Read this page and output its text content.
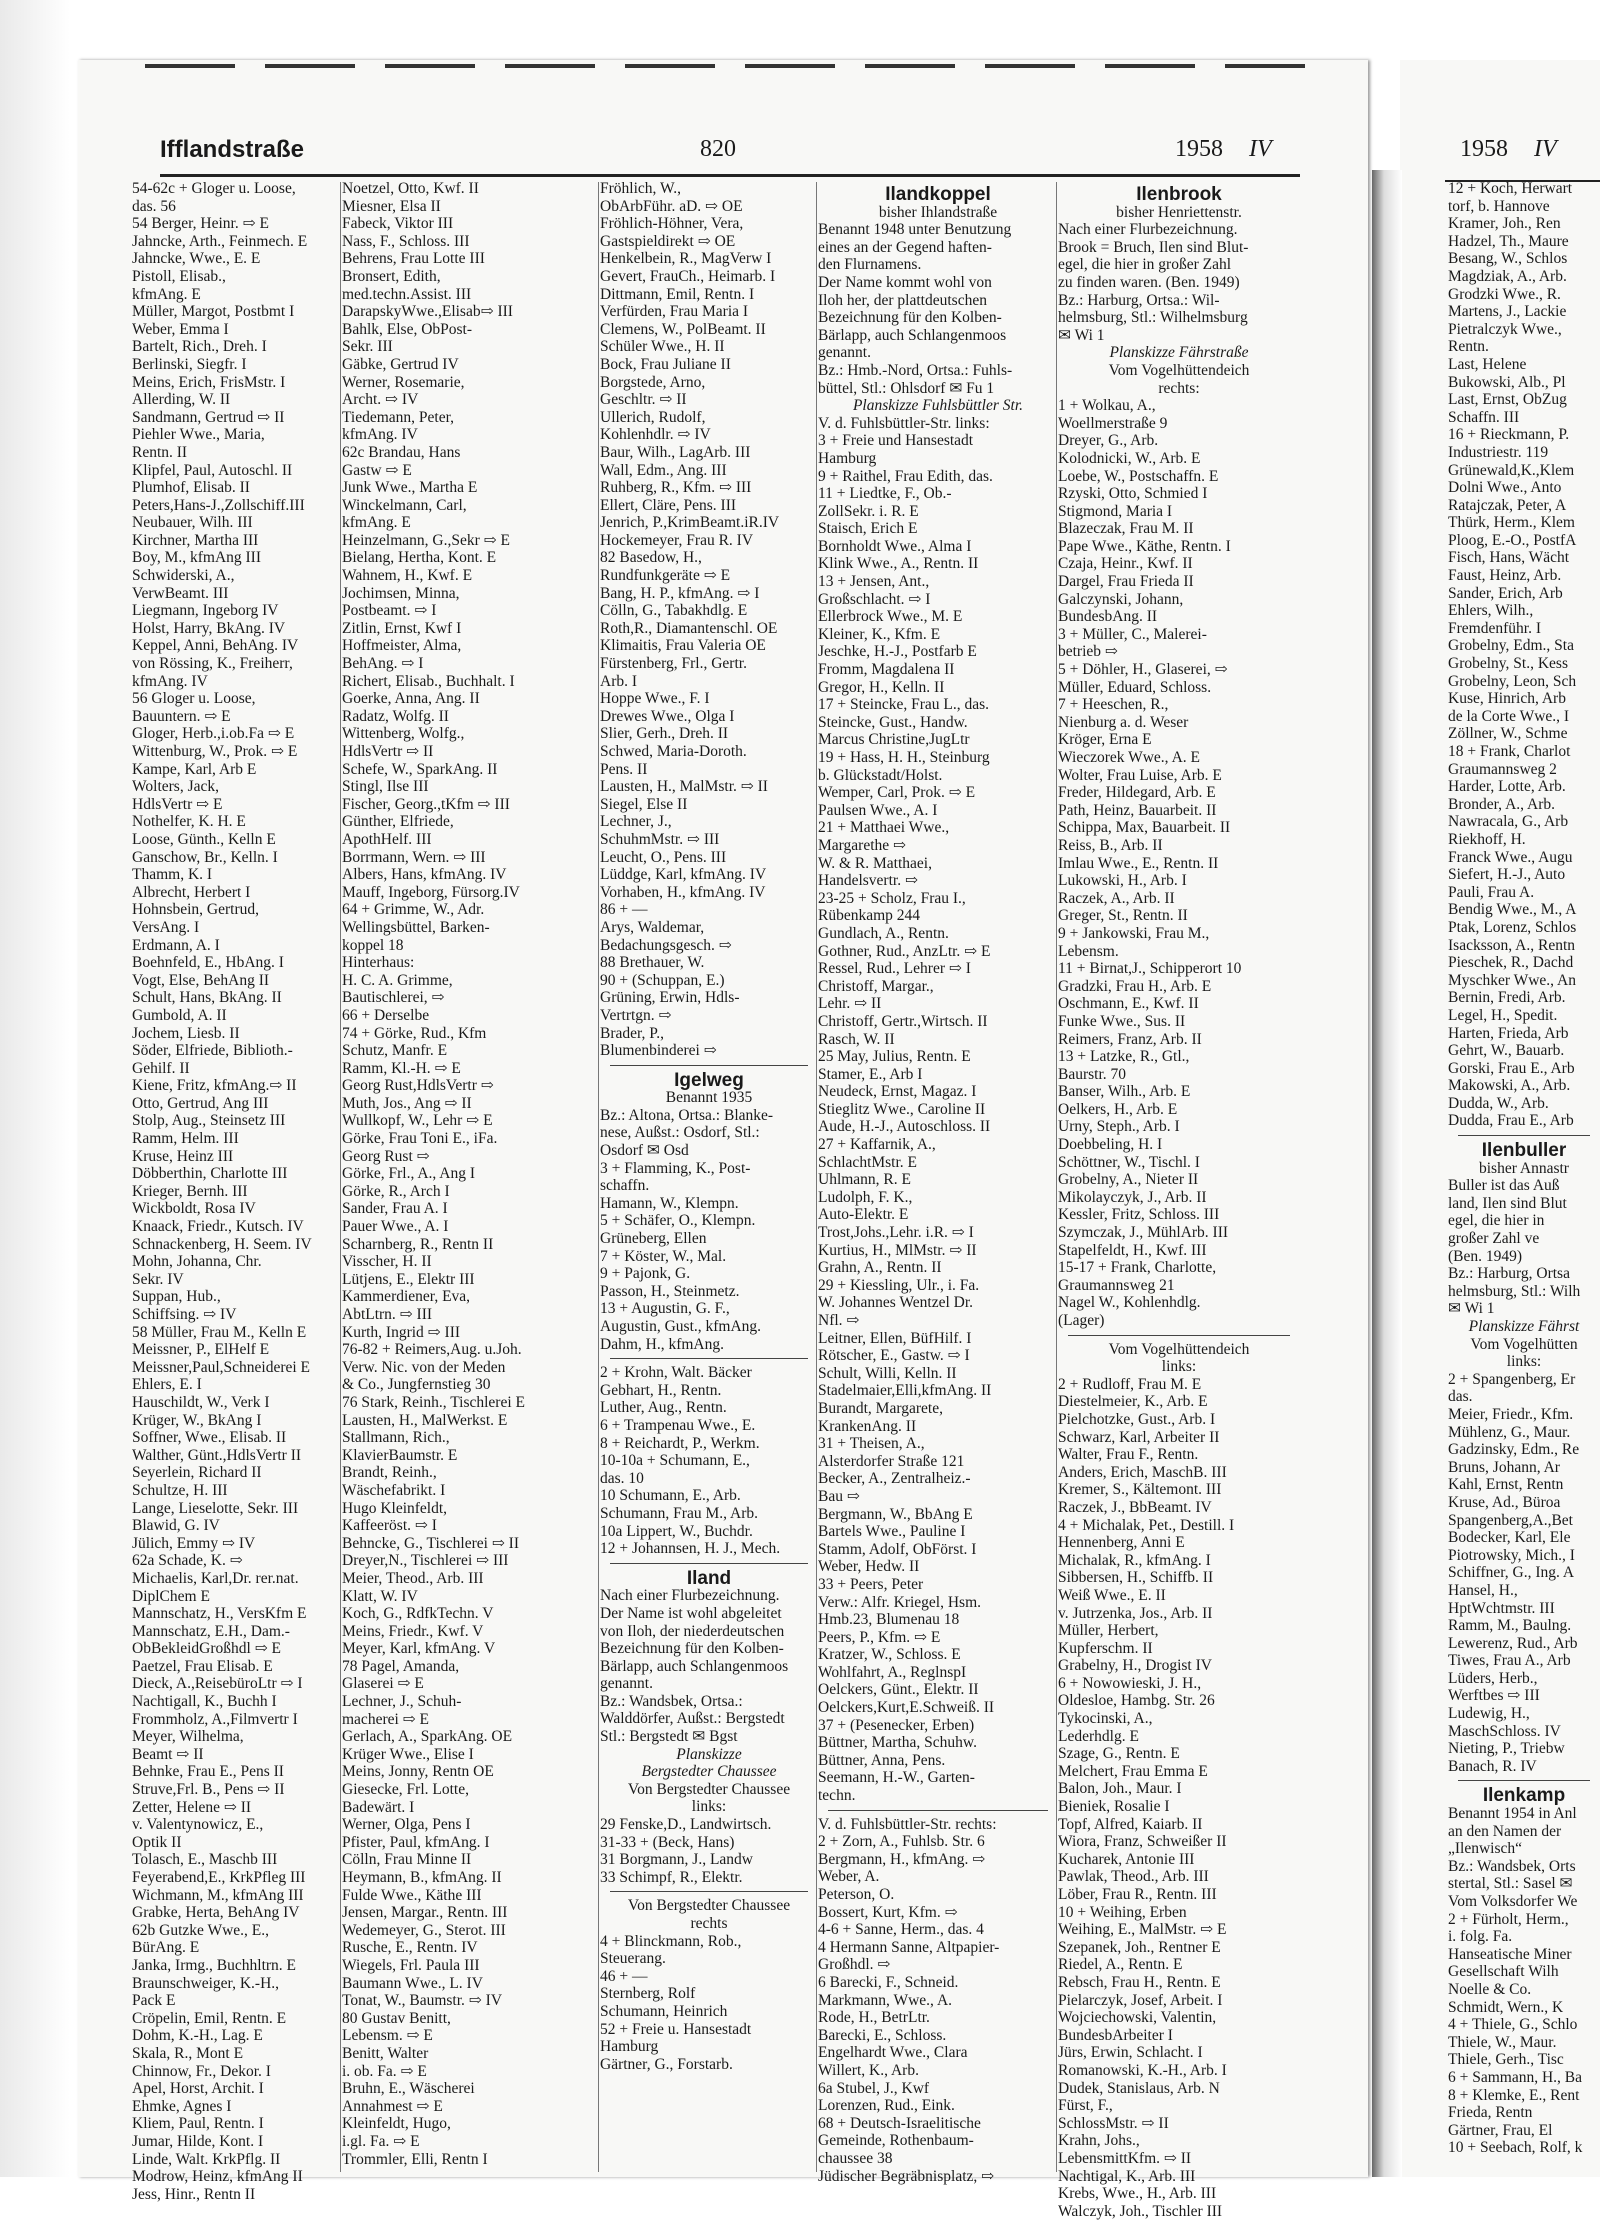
Ifflandstraße	820	1958 IV	1958 IV

54-62c + Gloger u. Loose,

das. 56

54 Berger, Heinr. ⇨ E

Jahncke, Arth., Feinmech. E

Jahncke, Wwe., E. E

Pistoll, Elisab.,

kfmAng. E

Müller, Margot, Postbmt I

Weber, Emma I

Bartelt, Rich., Dreh. I

Berlinski, Siegfr. I

Meins, Erich, FrisMstr. I

Allerding, W. II

Sandmann, Gertrud ⇨ II

Piehler Wwe., Maria,

Rentn. II

Klipfel, Paul, Autoschl. II

Plumhof, Elisab. II

Peters,Hans-J.,Zollschiff.III

Neubauer, Wilh. III

Kirchner, Martha III

Boy, M., kfmAng III

Schwiderski, A.,

VerwBeamt. III

Liegmann, Ingeborg IV

Holst, Harry, BkAng. IV

Keppel, Anni, BehAng. IV

von Rössing, K., Freiherr,

kfmAng. IV

56 Gloger u. Loose,

Bauuntern. ⇨ E

Gloger, Herb.,i.ob.Fa ⇨ E

Wittenburg, W., Prok. ⇨ E

Kampe, Karl, Arb E

Wolters, Jack,

HdlsVertr ⇨ E

Nothelfer, K. H. E

Loose, Günth., Kelln E

Ganschow, Br., Kelln. I

Thamm, K. I

Albrecht, Herbert I

Hohnsbein, Gertrud,

VersAng. I

Erdmann, A. I

Boehnfeld, E., HbAng. I

Vogt, Else, BehAng II

Schult, Hans, BkAng. II

Gumbold, A. II

Jochem, Liesb. II

Söder, Elfriede, Biblioth.-

Gehilf. II

Kiene, Fritz, kfmAng.⇨ II

Otto, Gertrud, Ang III

Stolp, Aug., Steinsetz III

Ramm, Helm. III

Kruse, Heinz III

Döbberthin, Charlotte III

Krieger, Bernh. III

Wickboldt, Rosa IV

Knaack, Friedr., Kutsch. IV

Schnackenberg, H. Seem. IV

Mohn, Johanna, Chr.

Sekr. IV

Suppan, Hub.,

Schiffsing. ⇨ IV

58 Müller, Frau M., Kelln E

Meissner, P., ElHelf E

Meissner,Paul,Schneiderei E

Ehlers, E. I

Hauschildt, W., Verk I

Krüger, W., BkAng I

Soffner, Wwe., Elisab. II

Walther, Günt.,HdlsVertr II

Seyerlein, Richard II

Schultze, H. III

Lange, Lieselotte, Sekr. III

Blawid, G. IV

Jülich, Emmy ⇨ IV

62a Schade, K. ⇨

Michaelis, Karl,Dr. rer.nat.

DiplChem E

Mannschatz, H., VersKfm E

Mannschatz, E.H., Dam.-

ObBekleidGroßhdl ⇨ E

Paetzel, Frau Elisab. E

Dieck, A.,ReisebüroLtr ⇨ I

Nachtigall, K., Buchh I

Frommholz, A.,Filmvertr I

Meyer, Wilhelma,

Beamt ⇨ II

Behnke, Frau E., Pens II

Struve,Frl. B., Pens ⇨ II

Zetter, Helene ⇨ II

v. Valentynowicz, E.,

Optik II

Tolasch, E., Maschb III

Feyerabend,E., KrkPfleg III

Wichmann, M., kfmAng III

Grabke, Herta, BehAng IV

62b Gutzke Wwe., E.,

BürAng. E

Janka, Irmg., Buchhltrn. E

Braunschweiger, K.-H.,

Pack E

Cröpelin, Emil, Rentn. E

Dohm, K.-H., Lag. E

Skala, R., Mont E

Chinnow, Fr., Dekor. I

Apel, Horst, Archit. I

Ehmke, Agnes I

Kliem, Paul, Rentn. I

Jumar, Hilde, Kont. I

Linde, Walt. KrkPflg. II

Modrow, Heinz, kfmAng II

Jess, Hinr., Rentn II

Noetzel, Otto, Kwf. II

Miesner, Elsa II

Fabeck, Viktor III

Nass, F., Schloss. III

Behrens, Frau Lotte III

Bronsert, Edith,

med.techn.Assist. III

DarapskyWwe.,Elisab⇨ III

Bahlk, Else, ObPost-

Sekr. III

Gäbke, Gertrud IV

Werner, Rosemarie,

Archt. ⇨ IV

Tiedemann, Peter,

kfmAng. IV

62c Brandau, Hans

Gastw ⇨ E

Junk Wwe., Martha E

Winckelmann, Carl,

kfmAng. E

Heinzelmann, G.,Sekr ⇨ E

Bielang, Hertha, Kont. E

Wahnem, H., Kwf. E

Jochimsen, Minna,

Postbeamt. ⇨ I

Zitlin, Ernst, Kwf I

Hoffmeister, Alma,

BehAng. ⇨ I

Richert, Elisab., Buchhalt. I

Goerke, Anna, Ang. II

Radatz, Wolfg. II

Wittenberg, Wolfg.,

HdlsVertr ⇨ II

Schefe, W., SparkAng. II

Stingl, Ilse III

Fischer, Georg.,tKfm ⇨ III

Günther, Elfriede,

ApothHelf. III

Borrmann, Wern. ⇨ III

Albers, Hans, kfmAng. IV

Mauff, Ingeborg, Fürsorg.IV

64 + Grimme, W., Adr.

Wellingsbüttel, Barken-

koppel 18

Hinterhaus:

H. C. A. Grimme,

Bautischlerei, ⇨

66 + Derselbe

74 + Görke, Rud., Kfm

Schutz, Manfr. E

Ramm, Kl.-H. ⇨ E

Georg Rust,HdlsVertr ⇨

Muth, Jos., Ang ⇨ II

Wullkopf, W., Lehr ⇨ E

Görke, Frau Toni E., iFa.

Georg Rust ⇨

Görke, Frl., A., Ang I

Görke, R., Arch I

Sander, Frau A. I

Pauer Wwe., A. I

Scharnberg, R., Rentn II

Visscher, H. II

Lütjens, E., Elektr III

Kammerdiener, Eva,

AbtLtrn. ⇨ III

Kurth, Ingrid ⇨ III

76-82 + Reimers,Aug. u.Joh.

Verw. Nic. von der Meden

& Co., Jungfernstieg 30

76 Stark, Reinh., Tischlerei E

Lausten, H., MalWerkst. E

Stallmann, Rich.,

KlavierBaumstr. E

Brandt, Reinh.,

Wäschefabrikt. I

Hugo Kleinfeldt,

Kaffeeröst. ⇨ I

Behncke, G., Tischlerei ⇨ II

Dreyer,N., Tischlerei ⇨ III

Meier, Theod., Arb. III

Klatt, W. IV

Koch, G., RdfkTechn. V

Meins, Friedr., Kwf. V

Meyer, Karl, kfmAng. V

78 Pagel, Amanda,

Glaserei ⇨ E

Lechner, J., Schuh-

macherei ⇨ E

Gerlach, A., SparkAng. OE

Krüger Wwe., Elise I

Meins, Jonny, Rentn OE

Giesecke, Frl. Lotte,

Badewärt. I

Werner, Olga, Pens I

Pfister, Paul, kfmAng. I

Cölln, Frau Minne II

Heymann, B., kfmAng. II

Fulde Wwe., Käthe III

Jensen, Margar., Rentn. III

Wedemeyer, G., Sterot. III

Rusche, E., Rentn. IV

Wiegels, Frl. Paula III

Baumann Wwe., L. IV

Tonat, W., Baumstr. ⇨ IV

80 Gustav Benitt,

Lebensm. ⇨ E

Benitt, Walter

i. ob. Fa. ⇨ E

Bruhn, E., Wäscherei

Annahmest ⇨ E

Kleinfeldt, Hugo,

i.gl. Fa. ⇨ E

Trommler, Elli, Rentn I

Fröhlich, W.,

ObArbFühr. aD. ⇨ OE

Fröhlich-Höhner, Vera,

Gastspieldirekt ⇨ OE

Henkelbein, R., MagVerw I

Gevert, FrauCh., Heimarb. I

Dittmann, Emil, Rentn. I

Verfürden, Frau Maria I

Clemens, W., PolBeamt. II

Schüler Wwe., H. II

Bock, Frau Juliane II

Borgstede, Arno,

Geschltr. ⇨ II

Ullerich, Rudolf,

Kohlenhdlr. ⇨ IV

Baur, Wilh., LagArb. III

Wall, Edm., Ang. III

Ruhberg, R., Kfm. ⇨ III

Ellert, Cläre, Pens. III

Jenrich, P.,KrimBeamt.iR.IV

Hockemeyer, Frau R. IV

82 Basedow, H.,

Rundfunkgeräte ⇨ E

Bang, H. P., kfmAng. ⇨ I

Cölln, G., Tabakhdlg. E

Roth,R., Diamantenschl. OE

Klimaitis, Frau Valeria OE

Fürstenberg, Frl., Gertr.

Arb. I

Hoppe Wwe., F. I

Drewes Wwe., Olga I

Slier, Gerh., Dreh. II

Schwed, Maria-Doroth.

Pens. II

Lausten, H., MalMstr. ⇨ II

Siegel, Else II

Lechner, J.,

SchuhmMstr. ⇨ III

Leucht, O., Pens. III

Lüddge, Karl, kfmAng. IV

Vorhaben, H., kfmAng. IV

86 + —

Arys, Waldemar,

Bedachungsgesch. ⇨

88 Brethauer, W.

90 + (Schuppan, E.)

Grüning, Erwin, Hdls-

Vertrtgn. ⇨

Brader, P.,

Blumenbinderei ⇨

Igelweg

Benannt 1935

Bz.: Altona, Ortsa.: Blanke-

nese, Außst.: Osdorf, Stl.:

Osdorf ✉ Osd

3 + Flamming, K., Post-

schaffn.

Hamann, W., Klempn.

5 + Schäfer, O., Klempn.

Grüneberg, Ellen

7 + Köster, W., Mal.

9 + Pajonk, G.

Passon, H., Steinmetz.

13 + Augustin, G. F.,

Augustin, Gust., kfmAng.

Dahm, H., kfmAng.

2 + Krohn, Walt. Bäcker

Gebhart, H., Rentn.

Luther, Aug., Rentn.

6 + Trampenau Wwe., E.

8 + Reichardt, P., Werkm.

10-10a + Schumann, E.,

das. 10

10 Schumann, E., Arb.

Schumann, Frau M., Arb.

10a Lippert, W., Buchdr.

12 + Johannsen, H. J., Mech.

Iland

Nach einer Flurbezeichnung.

Der Name ist wohl abgeleitet

von Iloh, der niederdeutschen

Bezeichnung für den Kolben-

Bärlapp, auch Schlangenmoos

genannt.

Bz.: Wandsbek, Ortsa.:

Walddörfer, Außst.: Bergstedt

Stl.: Bergstedt ✉ Bgst

Planskizze

Bergstedter Chaussee

Von Bergstedter Chaussee

links:

29 Fenske,D., Landwirtsch.

31-33 + (Beck, Hans)

31 Borgmann, J., Landw

33 Schimpf, R., Elektr.

Von Bergstedter Chaussee

rechts

4 + Blinckmann, Rob.,

Steuerang.

46 + —

Sternberg, Rolf

Schumann, Heinrich

52 + Freie u. Hansestadt

Hamburg

Gärtner, G., Forstarb.

Ilandkoppel

bisher Ihlandstraße

Benannt 1948 unter Benutzung

eines an der Gegend haften-

den Flurnamens.

Der Name kommt wohl von

Iloh her, der plattdeutschen

Bezeichnung für den Kolben-

Bärlapp, auch Schlangenmoos

genannt.

Bz.: Hmb.-Nord, Ortsa.: Fuhls-

büttel, Stl.: Ohlsdorf ✉ Fu 1

Planskizze Fuhlsbüttler Str.

V. d. Fuhlsbüttler-Str. links:

3 + Freie und Hansestadt

Hamburg

9 + Raithel, Frau Edith, das.

11 + Liedtke, F., Ob.-

ZollSekr. i. R. E

Staisch, Erich E

Bornholdt Wwe., Alma I

Klink Wwe., A., Rentn. II

13 + Jensen, Ant.,

Großschlacht. ⇨ I

Ellerbrock Wwe., M. E

Kleiner, K., Kfm. E

Jeschke, H.-J., Postfarb E

Fromm, Magdalena II

Gregor, H., Kelln. II

17 + Steincke, Frau L., das.

Steincke, Gust., Handw.

Marcus Christine,JugLtr

19 + Hass, H. H., Steinburg

b. Glückstadt/Holst.

Wemper, Carl, Prok. ⇨ E

Paulsen Wwe., A. I

21 + Matthaei Wwe.,

Margarethe ⇨

W. & R. Matthaei,

Handelsvertr. ⇨

23-25 + Scholz, Frau I.,

Rübenkamp 244

Gundlach, A., Rentn.

Gothner, Rud., AnzLtr. ⇨ E

Ressel, Rud., Lehrer ⇨ I

Christoff, Margar.,

Lehr. ⇨ II

Christoff, Gertr.,Wirtsch. II

Rasch, W. II

25 May, Julius, Rentn. E

Stamer, E., Arb I

Neudeck, Ernst, Magaz. I

Stieglitz Wwe., Caroline II

Aude, H.-J., Autoschloss. II

27 + Kaffarnik, A.,

SchlachtMstr. E

Uhlmann, R. E

Ludolph, F. K.,

Auto-Elektr. E

Trost,Johs.,Lehr. i.R. ⇨ I

Kurtius, H., MlMstr. ⇨ II

Grahn, A., Rentn. II

29 + Kiessling, Ulr., i. Fa.

W. Johannes Wentzel Dr.

Nfl. ⇨

Leitner, Ellen, BüfHilf. I

Rötscher, E., Gastw. ⇨ I

Schult, Willi, Kelln. II

Stadelmaier,Elli,kfmAng. II

Burandt, Margarete,

KrankenAng. II

31 + Theisen, A.,

Alsterdorfer Straße 121

Becker, A., Zentralheiz.-

Bau ⇨

Bergmann, W., BbAng E

Bartels Wwe., Pauline I

Stamm, Adolf, ObFörst. I

Weber, Hedw. II

33 + Peers, Peter

Verw.: Alfr. Kriegel, Hsm.

Hmb.23, Blumenau 18

Peers, P., Kfm. ⇨ E

Kratzer, W., Schloss. E

Wohlfahrt, A., ReglnspI

Oelckers, Günt., Elektr. II

Oelckers,Kurt,E.Schweiß. II

37 + (Pesenecker, Erben)

Büttner, Martha, Schuhw.

Büttner, Anna, Pens.

Seemann, H.-W., Garten-

techn.

V. d. Fuhlsbüttler-Str. rechts:

2 + Zorn, A., Fuhlsb. Str. 6

Bergmann, H., kfmAng. ⇨

Weber, A.

Peterson, O.

Bossert, Kurt, Kfm. ⇨

4-6 + Sanne, Herm., das. 4

4 Hermann Sanne, Altpapier-

Großhdl. ⇨

6 Barecki, F., Schneid.

Markmann, Wwe., A.

Rode, H., BetrLtr.

Barecki, E., Schloss.

Engelhardt Wwe., Clara

Willert, K., Arb.

6a Stubel, J., Kwf

Lorenzen, Rud., Eink.

68 + Deutsch-Israelitische

Gemeinde, Rothenbaum-

chaussee 38

Jüdischer Begräbnisplatz, ⇨

Ilenbrook

bisher Henriettenstr.

Nach einer Flurbezeichnung.

Brook = Bruch, Ilen sind Blut-

egel, die hier in großer Zahl

zu finden waren. (Ben. 1949)

Bz.: Harburg, Ortsa.: Wil-

helmsburg, Stl.: Wilhelmsburg

✉ Wi 1

Planskizze Fährstraße

Vom Vogelhüttendeich

rechts:

1 + Wolkau, A.,

Woellmerstraße 9

Dreyer, G., Arb.

Kolodnicki, W., Arb. E

Loebe, W., Postschaffn. E

Rzyski, Otto, Schmied I

Stigmond, Maria I

Blazeczak, Frau M. II

Pape Wwe., Käthe, Rentn. I

Czaja, Heinr., Kwf. II

Dargel, Frau Frieda II

Galczynski, Johann,

BundesbAng. II

3 + Müller, C., Malerei-

betrieb ⇨

5 + Döhler, H., Glaserei, ⇨

Müller, Eduard, Schloss.

7 + Heeschen, R.,

Nienburg a. d. Weser

Kröger, Erna E

Wieczorek Wwe., A. E

Wolter, Frau Luise, Arb. E

Freder, Hildegard, Arb. E

Path, Heinz, Bauarbeit. II

Schippa, Max, Bauarbeit. II

Reiss, B., Arb. II

Imlau Wwe., E., Rentn. II

Lukowski, H., Arb. I

Raczek, A., Arb. II

Greger, St., Rentn. II

9 + Jankowski, Frau M.,

Lebensm.

11 + Birnat,J., Schipperort 10

Gradzki, Frau H., Arb. E

Oschmann, E., Kwf. II

Funke Wwe., Sus. II

Reimers, Franz, Arb. II

13 + Latzke, R., Gtl.,

Baurstr. 70

Banser, Wilh., Arb. E

Oelkers, H., Arb. E

Urny, Steph., Arb. I

Doebbeling, H. I

Schöttner, W., Tischl. I

Grobelny, A., Nieter II

Mikolayczyk, J., Arb. II

Kessler, Fritz, Schloss. III

Szymczak, J., MühlArb. III

Stapelfeldt, H., Kwf. III

15-17 + Frank, Charlotte,

Graumannsweg 21

Nagel W., Kohlenhdlg.

(Lager)

Vom Vogelhüttendeich

links:

2 + Rudloff, Frau M. E

Diestelmeier, K., Arb. E

Pielchotzke, Gust., Arb. I

Schwarz, Karl, Arbeiter II

Walter, Frau F., Rentn.

Anders, Erich, MaschB. III

Kremer, S., Kältemont. III

Raczek, J., BbBeamt. IV

4 + Michalak, Pet., Destill. I

Hennenberg, Anni E

Michalak, R., kfmAng. I

Sibbersen, H., Schiffb. II

Weiß Wwe., E. II

v. Jutrzenka, Jos., Arb. II

Müller, Herbert,

Kupferschm. II

Grabelny, H., Drogist IV

6 + Nowowieski, J. H.,

Oldesloe, Hambg. Str. 26

Tykocinski, A.,

Lederhdlg. E

Szage, G., Rentn. E

Melchert, Frau Emma E

Balon, Joh., Maur. I

Bieniek, Rosalie I

Topf, Alfred, Kaiarb. II

Wiora, Franz, Schweißer II

Kucharek, Antonie III

Pawlak, Theod., Arb. III

Löber, Frau R., Rentn. III

10 + Weihing, Erben

Weihing, E., MalMstr. ⇨ E

Szepanek, Joh., Rentner E

Riedel, A., Rentn. E

Rebsch, Frau H., Rentn. E

Pielarczyk, Josef, Arbeit. I

Wojciechowski, Valentin,

BundesbArbeiter I

Jürs, Erwin, Schlacht. I

Romanowski, K.-H., Arb. I

Dudek, Stanislaus, Arb. N

Fürst, F.,

SchlossMstr. ⇨ II

Krahn, Johs.,

LebensmittKfm. ⇨ II

Nachtigal, K., Arb. III

Krebs, Wwe., H., Arb. III

Walczyk, Joh., Tischler III

12 + Koch, Herwart

torf, b. Hannove

Kramer, Joh., Ren

Hadzel, Th., Maure

Besang, W., Schlos

Magdziak, A., Arb.

Grodzki Wwe., R.

Martens, J., Lackie

Pietralczyk Wwe.,

Rentn.

Last, Helene

Bukowski, Alb., Pl

Last, Ernst, ObZug

Schaffn. III

16 + Rieckmann, P.

Industriestr. 119

Grünewald,K.,Klem

Dolni Wwe., Anto

Ratajczak, Peter, A

Thürk, Herm., Klem

Ploog, E.-O., PostfA

Fisch, Hans, Wächt

Faust, Heinz, Arb.

Sander, Erich, Arb

Ehlers, Wilh.,

Fremdenführ. I

Grobelny, Edm., Sta

Grobelny, St., Kess

Grobelny, Leon, Sch

Kuse, Hinrich, Arb

de la Corte Wwe., I

Zöllner, W., Schme

18 + Frank, Charlot

Graumannsweg 2

Harder, Lotte, Arb.

Bronder, A., Arb.

Nawracala, G., Arb

Riekhoff, H.

Franck Wwe., Augu

Siefert, H.-J., Auto

Pauli, Frau A.

Bendig Wwe., M., A

Ptak, Lorenz, Schlos

Isacksson, A., Rentn

Pieschek, R., Dachd

Myschker Wwe., An

Bernin, Fredi, Arb.

Legel, H., Spedit.

Harten, Frieda, Arb

Gehrt, W., Bauarb.

Gorski, Frau E., Arb

Makowski, A., Arb.

Dudda, W., Arb.

Dudda, Frau E., Arb

Ilenbuller

bisher Annastr

Buller ist das Auß

land, Ilen sind Blut

egel, die hier in

großer Zahl ve

(Ben. 1949)

Bz.: Harburg, Ortsa

helmsburg, Stl.: Wilh

✉ Wi 1

Planskizze Fährst

Vom Vogelhütten

links:

2 + Spangenberg, Er

das.

Meier, Friedr., Kfm.

Mühlenz, G., Maur.

Gadzinsky, Edm., Re

Bruns, Johann, Ar

Kahl, Ernst, Rentn

Kruse, Ad., Büroa

Spangenberg,A.,Bet

Bodecker, Karl, Ele

Piotrowsky, Mich., I

Schiffner, G., Ing. A

Hansel, H.,

HptWchtmstr. III

Ramm, M., Baulng.

Lewerenz, Rud., Arb

Tiwes, Frau A., Arb

Lüders, Herb.,

Werftbes ⇨ III

Ludewig, H.,

MaschSchloss. IV

Nieting, P., Triebw

Banach, R. IV

Ilenkamp

Benannt 1954 in Anl

an den Namen der

„Ilenwisch“

Bz.: Wandsbek, Orts

stertal, Stl.: Sasel ✉

Vom Volksdorfer We

2 + Fürholt, Herm.,

i. folg. Fa.

Hanseatische Miner

Gesellschaft Wilh

Noelle & Co.

Schmidt, Wern., K

4 + Thiele, G., Schlo

Thiele, W., Maur.

Thiele, Gerh., Tisc

6 + Sammann, H., Ba

8 + Klemke, E., Rent

Frieda, Rentn

Gärtner, Frau, El

10 + Seebach, Rolf, k
